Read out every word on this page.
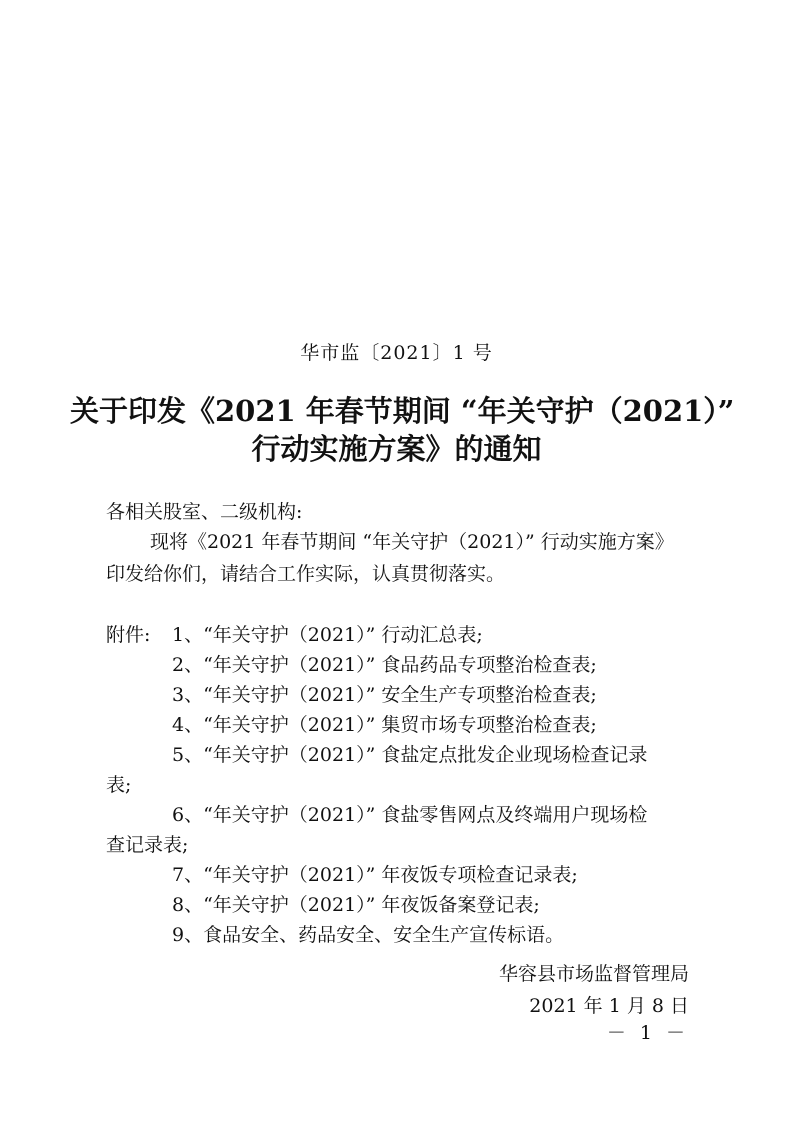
华市监〔2021〕1 号
关于印发《2021 年春节期间 “年关守护（2021）”
行动实施方案》的通知
各相关股室、二级机构:
现将《2021 年春节期间 “年关守护（2021）” 行动实施方案》
印发给你们，请结合工作实际，认真贯彻落实。
附件: 1、“年关守护（2021）” 行动汇总表;
2、“年关守护（2021）” 食品药品专项整治检查表;
3、“年关守护（2021）” 安全生产专项整治检查表;
4、“年关守护（2021）” 集贸市场专项整治检查表;
5、“年关守护（2021）” 食盐定点批发企业现场检查记录
表;
6、“年关守护（2021）” 食盐零售网点及终端用户现场检
查记录表;
7、“年关守护（2021）” 年夜饭专项检查记录表;
8、“年关守护（2021）” 年夜饭备案登记表;
9、食品安全、药品安全、安全生产宣传标语。
华容县市场监督管理局
2021 年 1 月 8 日
－ 1 －
